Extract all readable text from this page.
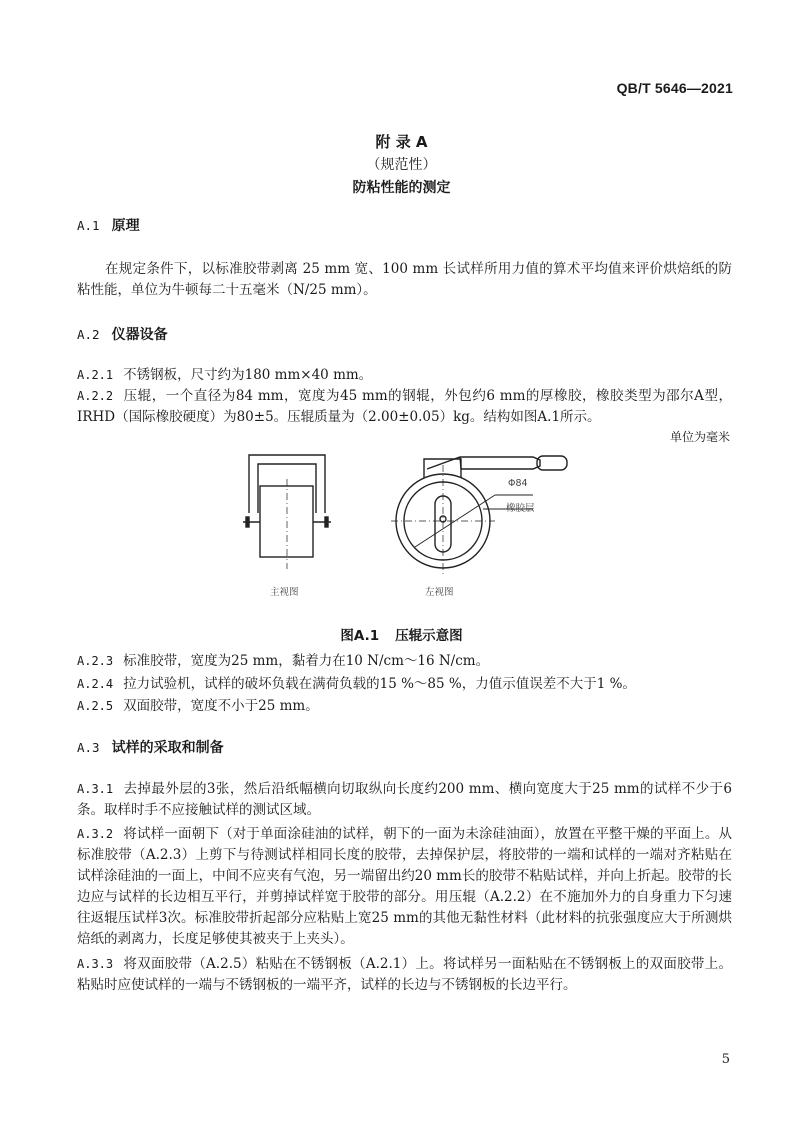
QB/T 5646—2021
附 录 A
（规范性）
防粘性能的测定
A.1 原理
在规定条件下，以标准胶带剥离 25 mm 宽、100 mm 长试样所用力值的算术平均值来评价烘焙纸的防粘性能，单位为牛顿每二十五毫米（N/25 mm）。
A.2 仪器设备
A.2.1 不锈钢板，尺寸约为180 mm×40 mm。
A.2.2 压辊，一个直径为84 mm，宽度为45 mm的钢辊，外包约6 mm的厚橡胶，橡胶类型为邵尔A型，IRHD（国际橡胶硬度）为80±5。压辊质量为（2.00±0.05）kg。结构如图A.1所示。
单位为毫米
Φ84
橡胶层
主视图	左视图
图A.1 压辊示意图
A.2.3 标准胶带，宽度为25 mm，黏着力在10 N/cm～16 N/cm。
A.2.4 拉力试验机，试样的破坏负载在满荷负载的15 %～85 %，力值示值误差不大于1 %。
A.2.5 双面胶带，宽度不小于25 mm。
A.3 试样的采取和制备
A.3.1 去掉最外层的3张，然后沿纸幅横向切取纵向长度约200 mm、横向宽度大于25 mm的试样不少于6条。取样时手不应接触试样的测试区域。
A.3.2 将试样一面朝下（对于单面涂硅油的试样，朝下的一面为未涂硅油面），放置在平整干燥的平面上。从标准胶带（A.2.3）上剪下与待测试样相同长度的胶带，去掉保护层，将胶带的一端和试样的一端对齐粘贴在试样涂硅油的一面上，中间不应夹有气泡，另一端留出约20 mm长的胶带不粘贴试样，并向上折起。胶带的长边应与试样的长边相互平行，并剪掉试样宽于胶带的部分。用压辊（A.2.2）在不施加外力的自身重力下匀速往返辊压试样3次。标准胶带折起部分应粘贴上宽25 mm的其他无黏性材料（此材料的抗张强度应大于所测烘焙纸的剥离力，长度足够使其被夹于上夹头）。
A.3.3 将双面胶带（A.2.5）粘贴在不锈钢板（A.2.1）上。将试样另一面粘贴在不锈钢板上的双面胶带上。粘贴时应使试样的一端与不锈钢板的一端平齐，试样的长边与不锈钢板的长边平行。
5
